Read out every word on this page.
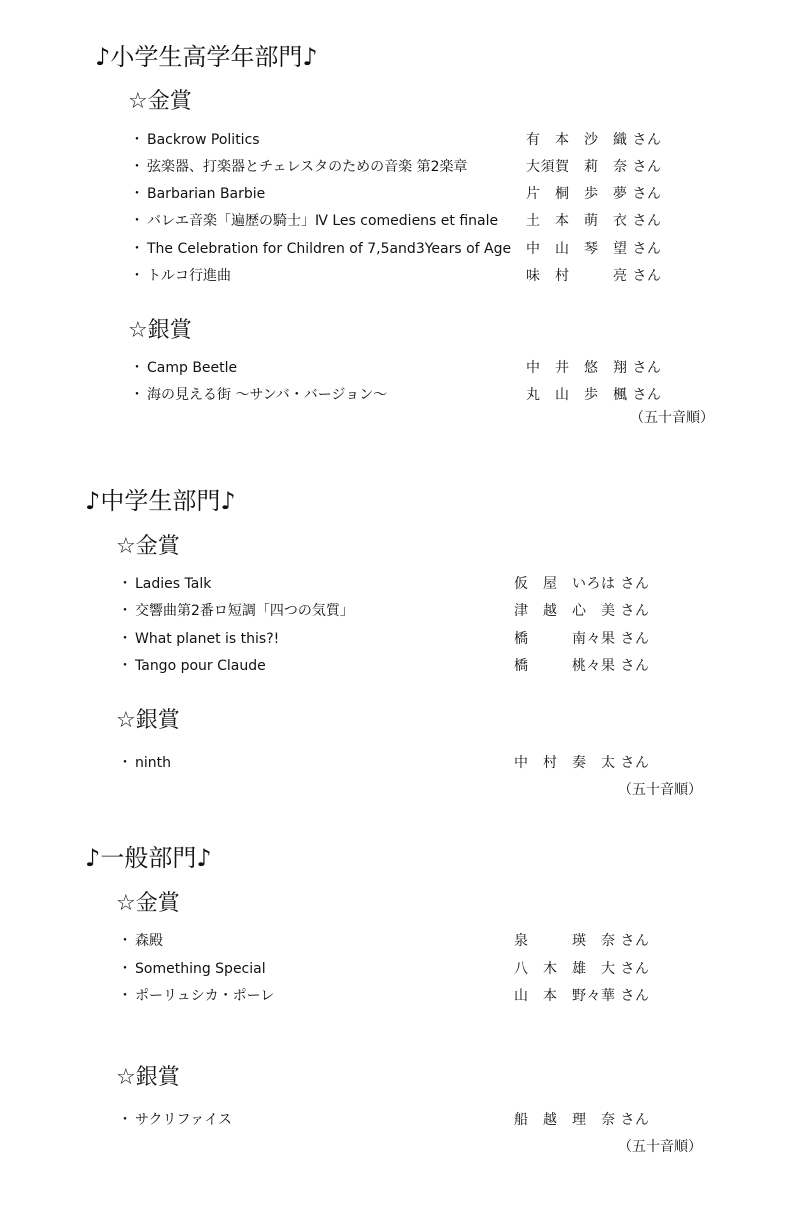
♪小学生高学年部門♪
☆金賞
・ Backrow Politics	有　本　沙　織 さん
・ 弦楽器、打楽器とチェレスタのための音楽 第2楽章	大須賀　莉　奈 さん
・ Barbarian Barbie	片　桐　歩　夢 さん
・ バレエ音楽「遍歴の騎士」Ⅳ Les comediens et finale 土　本　萌　衣 さん
・ The Celebration for Children of 7,5and3Years of Age 中　山　琴　望 さん
・ トルコ行進曲	味　村　　　亮 さん
☆銀賞
・ Camp Beetle	中　井　悠　翔 さん
・ 海の見える街 ～サンバ・バージョン～	丸　山　歩　楓 さん
（五十音順）
♪中学生部門♪
☆金賞
・ Ladies Talk	仮　屋　いろは さん
・ 交響曲第2番ロ短調「四つの気質」	津　越　心　美 さん
・ What planet is this?!	橋　　　南々果 さん
・ Tango pour Claude	橋　　　桃々果 さん
☆銀賞
・ ninth	中　村　奏　太 さん
（五十音順）
♪一般部門♪
☆金賞
・ 森殿	泉　　　瑛　奈 さん
・ Something Special	八　木　雄　大 さん
・ ポーリュシカ・ポーレ	山　本　野々華 さん
☆銀賞
・ サクリファイス	船　越　理　奈 さん
（五十音順）
